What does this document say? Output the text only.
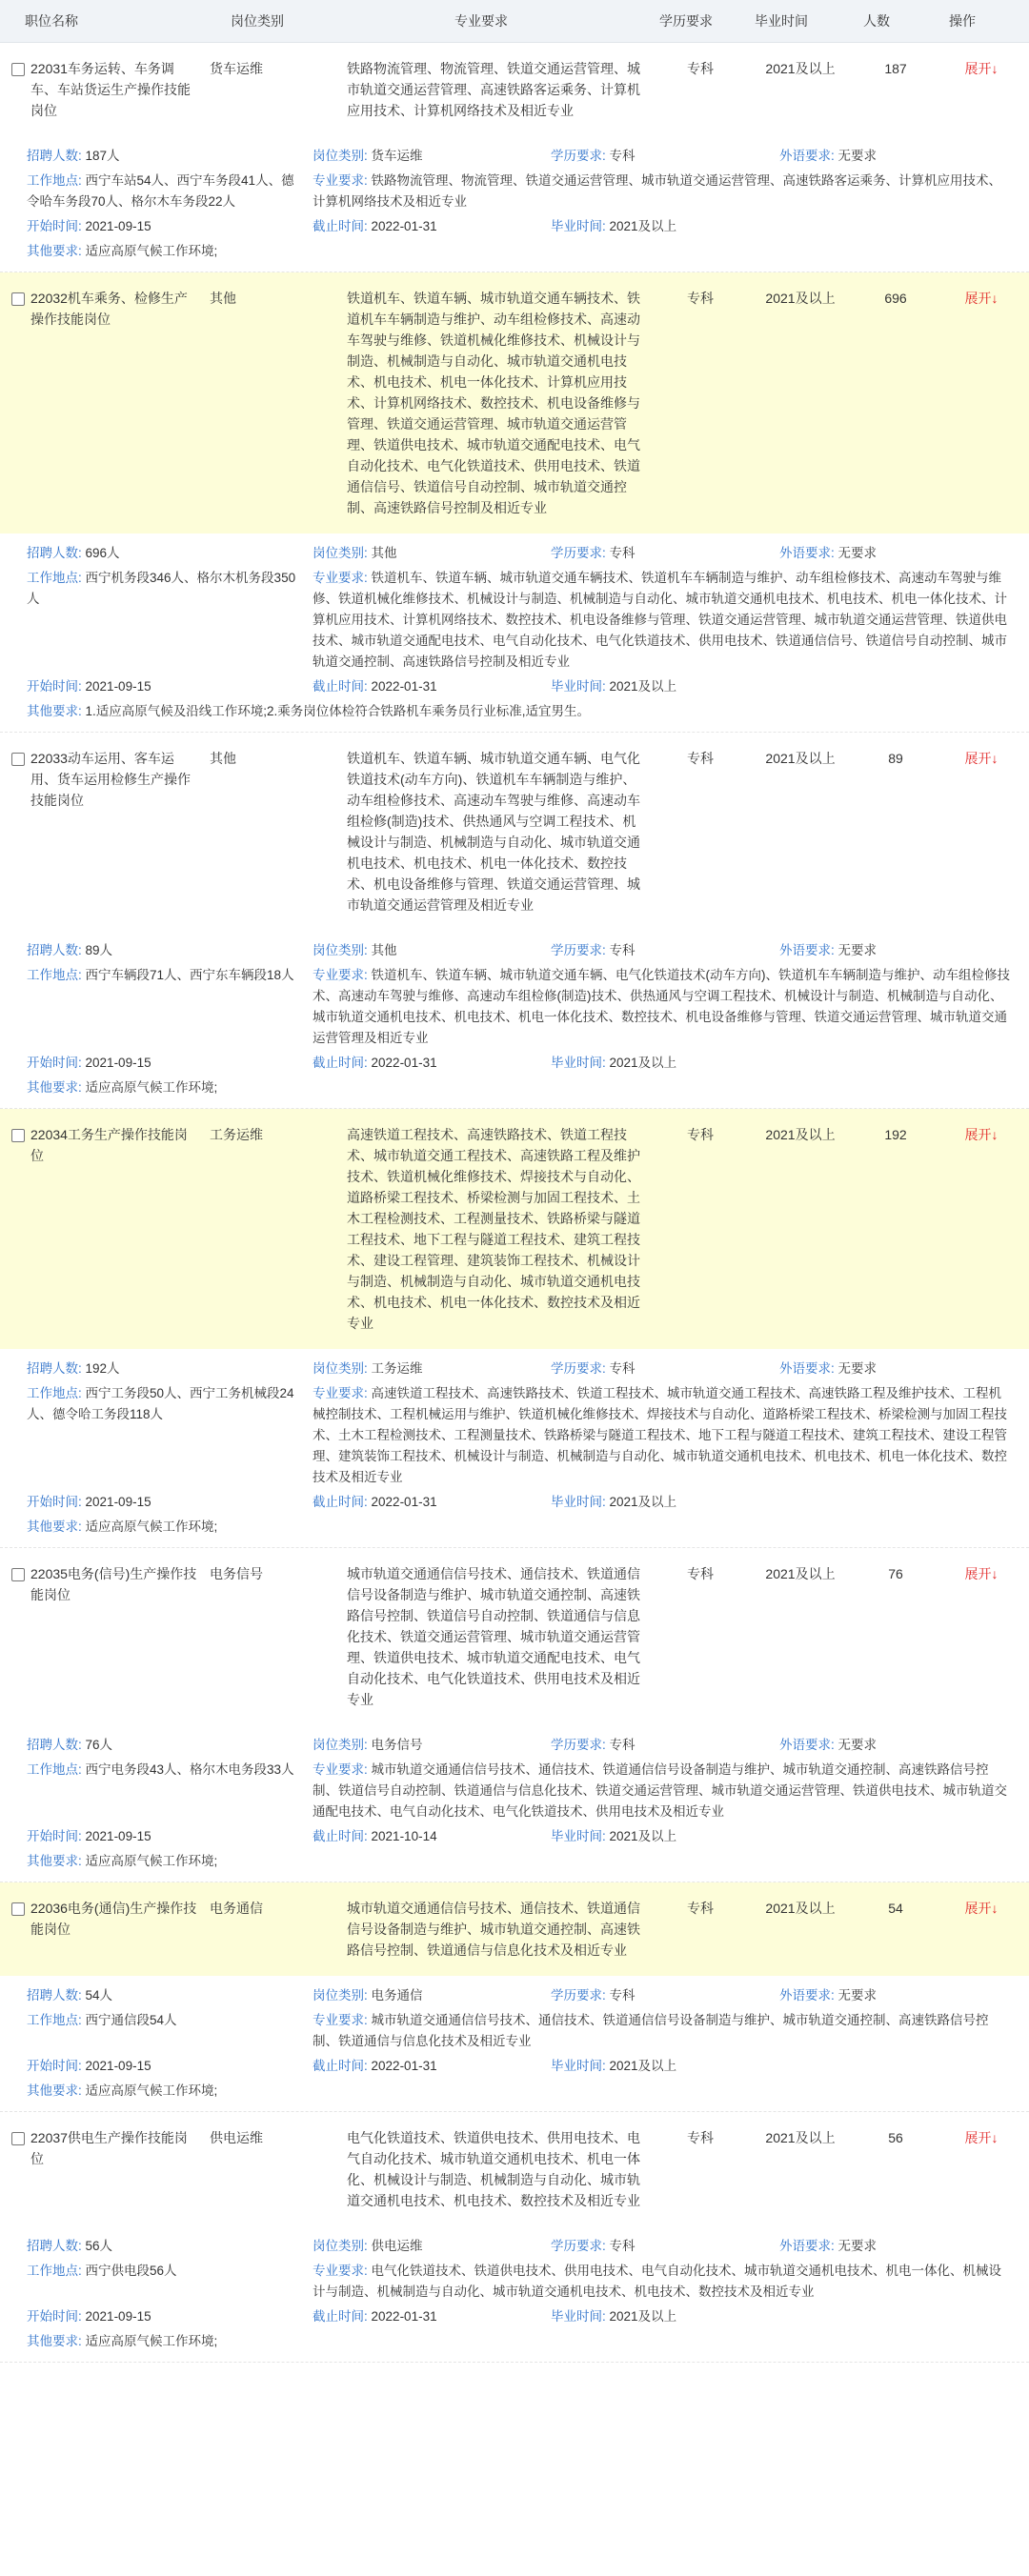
职位名称	岗位类别	专业要求	学历要求	毕业时间	人数	操作
22031车务运转、车务调车、车站货运生产操作技能岗位
货车运维	铁路物流管理、物流管理、铁道交通运营管理、城市轨道交通运营管理、高速铁路客运乘务、计算机应用技术、计算机网络技术及相近专业
专科	2021及以上	187	展开↓
招聘人数: 187人	岗位类别: 货车运维	学历要求: 专科	外语要求: 无要求
工作地点: 西宁车站54人、西宁车务段41人、德令哈车务段70人、格尔木车务段22人
专业要求: 铁路物流管理、物流管理、铁道交通运营管理、城市轨道交通运营管理、高速铁路客运乘务、计算机应用技术、计算机网络技术及相近专业
开始时间: 2021-09-15	截止时间: 2022-01-31	毕业时间: 2021及以上
其他要求: 适应高原气候工作环境;
22032机车乘务、检修生产操作技能岗位
其他	铁道机车、铁道车辆、城市轨道交通车辆技术、铁道机车车辆制造与维护、动车组检修技术、高速动车驾驶与维修、铁道机械化维修技术、机械设计与制造、机械制造与自动化、城市轨道交通机电技术、机电技术、机电一体化技术、计算机应用技术、计算机网络技术、数控技术、机电设备维修与管理、铁道交通运营管理、城市轨道交通运营管理、铁道供电技术、城市轨道交通配电技术、电气自动化技术、电气化铁道技术、供用电技术、铁道通信信号、铁道信号自动控制、城市轨道交通控制、高速铁路信号控制及相近专业
专科	2021及以上	696	展开↓
招聘人数: 696人	岗位类别: 其他	学历要求: 专科	外语要求: 无要求
工作地点: 西宁机务段346人、格尔木机务段350人
专业要求: 铁道机车、铁道车辆、城市轨道交通车辆技术、铁道机车车辆制造与维护、动车组检修技术、高速动车驾驶与维修、铁道机械化维修技术、机械设计与制造、机械制造与自动化、城市轨道交通机电技术、机电技术、机电一体化技术、计算机应用技术、计算机网络技术、数控技术、机电设备维修与管理、铁道交通运营管理、城市轨道交通运营管理、铁道供电技术、城市轨道交通配电技术、电气自动化技术、电气化铁道技术、供用电技术、铁道通信信号、铁道信号自动控制、城市轨道交通控制、高速铁路信号控制及相近专业
开始时间: 2021-09-15	截止时间: 2022-01-31	毕业时间: 2021及以上
其他要求: 1.适应高原气候及沿线工作环境;2.乘务岗位体检符合铁路机车乘务员行业标准,适宜男生。
22033动车运用、客车运用、货车运用检修生产操作技能岗位
其他	铁道机车、铁道车辆、城市轨道交通车辆、电气化铁道技术(动车方向)、铁道机车车辆制造与维护、动车组检修技术、高速动车驾驶与维修、高速动车组检修(制造)技术、供热通风与空调工程技术、机械设计与制造、机械制造与自动化、城市轨道交通机电技术、机电技术、机电一体化技术、数控技术、机电设备维修与管理、铁道交通运营管理、城市轨道交通运营管理及相近专业
专科	2021及以上	89	展开↓
招聘人数: 89人	岗位类别: 其他	学历要求: 专科	外语要求: 无要求
工作地点: 西宁车辆段71人、西宁东车辆段18人	专业要求: 铁道机车、铁道车辆、城市轨道交通车辆、电气化铁道技术(动车方向)、铁道机车车辆制造与维护、动车组检修技术、高速动车驾驶与维修、高速动车组检修(制造)技术、供热通风与空调工程技术、机械设计与制造、机械制造与自动化、城市轨道交通机电技术、机电技术、机电一体化技术、数控技术、机电设备维修与管理、铁道交通运营管理、城市轨道交通运营管理及相近专业
开始时间: 2021-09-15	截止时间: 2022-01-31	毕业时间: 2021及以上
其他要求: 适应高原气候工作环境;
22034工务生产操作技能岗位
工务运维	高速铁道工程技术、高速铁路技术、铁道工程技术、城市轨道交通工程技术、高速铁路工程及维护技术、铁道机械化维修技术、焊接技术与自动化、道路桥梁工程技术、桥梁检测与加固工程技术、土木工程检测技术、工程测量技术、铁路桥梁与隧道工程技术、地下工程与隧道工程技术、建筑工程技术、建设工程管理、建筑装饰工程技术、机械设计与制造、机械制造与自动化、城市轨道交通机电技术、机电技术、机电一体化技术、数控技术及相近专业
专科	2021及以上	192	展开↓
招聘人数: 192人	岗位类别: 工务运维	学历要求: 专科	外语要求: 无要求
工作地点: 西宁工务段50人、西宁工务机械段24人、德令哈工务段118人
专业要求: 高速铁道工程技术、高速铁路技术、铁道工程技术、城市轨道交通工程技术、高速铁路工程及维护技术、工程机械控制技术、工程机械运用与维护、铁道机械化维修技术、焊接技术与自动化、道路桥梁工程技术、桥梁检测与加固工程技术、土木工程检测技术、工程测量技术、铁路桥梁与隧道工程技术、地下工程与隧道工程技术、建筑工程技术、建设工程管理、建筑装饰工程技术、机械设计与制造、机械制造与自动化、城市轨道交通机电技术、机电技术、机电一体化技术、数控技术及相近专业
开始时间: 2021-09-15	截止时间: 2022-01-31	毕业时间: 2021及以上
其他要求: 适应高原气候工作环境;
22035电务(信号)生产操作技能岗位
电务信号	城市轨道交通通信信号技术、通信技术、铁道通信信号设备制造与维护、城市轨道交通控制、高速铁路信号控制、铁道信号自动控制、铁道通信与信息化技术、铁道交通运营管理、城市轨道交通运营管理、铁道供电技术、城市轨道交通配电技术、电气自动化技术、电气化铁道技术、供用电技术及相近专业
专科	2021及以上	76	展开↓
招聘人数: 76人	岗位类别: 电务信号	学历要求: 专科	外语要求: 无要求
工作地点: 西宁电务段43人、格尔木电务段33人	专业要求: 城市轨道交通通信信号技术、通信技术、铁道通信信号设备制造与维护、城市轨道交通控制、高速铁路信号控制、铁道信号自动控制、铁道通信与信息化技术、铁道交通运营管理、城市轨道交通运营管理、铁道供电技术、城市轨道交通配电技术、电气自动化技术、电气化铁道技术、供用电技术及相近专业
开始时间: 2021-09-15	截止时间: 2021-10-14	毕业时间: 2021及以上
其他要求: 适应高原气候工作环境;
22036电务(通信)生产操作技能岗位
电务通信	城市轨道交通通信信号技术、通信技术、铁道通信信号设备制造与维护、城市轨道交通控制、高速铁路信号控制、铁道通信与信息化技术及相近专业
专科	2021及以上	54	展开↓
招聘人数: 54人	岗位类别: 电务通信	学历要求: 专科	外语要求: 无要求
工作地点: 西宁通信段54人	专业要求: 城市轨道交通通信信号技术、通信技术、铁道通信信号设备制造与维护、城市轨道交通控制、高速铁路信号控制、铁道通信与信息化技术及相近专业
开始时间: 2021-09-15	截止时间: 2022-01-31	毕业时间: 2021及以上
其他要求: 适应高原气候工作环境;
22037供电生产操作技能岗位
供电运维	电气化铁道技术、铁道供电技术、供用电技术、电气自动化技术、城市轨道交通机电技术、机电一体化、机械设计与制造、机械制造与自动化、城市轨道交通机电技术、机电技术、数控技术及相近专业
专科	2021及以上	56	展开↓
招聘人数: 56人	岗位类别: 供电运维	学历要求: 专科	外语要求: 无要求
工作地点: 西宁供电段56人	专业要求: 电气化铁道技术、铁道供电技术、供用电技术、电气自动化技术、城市轨道交通机电技术、机电一体化、机械设计与制造、机械制造与自动化、城市轨道交通机电技术、机电技术、数控技术及相近专业
开始时间: 2021-09-15	截止时间: 2022-01-31	毕业时间: 2021及以上
其他要求: 适应高原气候工作环境;
